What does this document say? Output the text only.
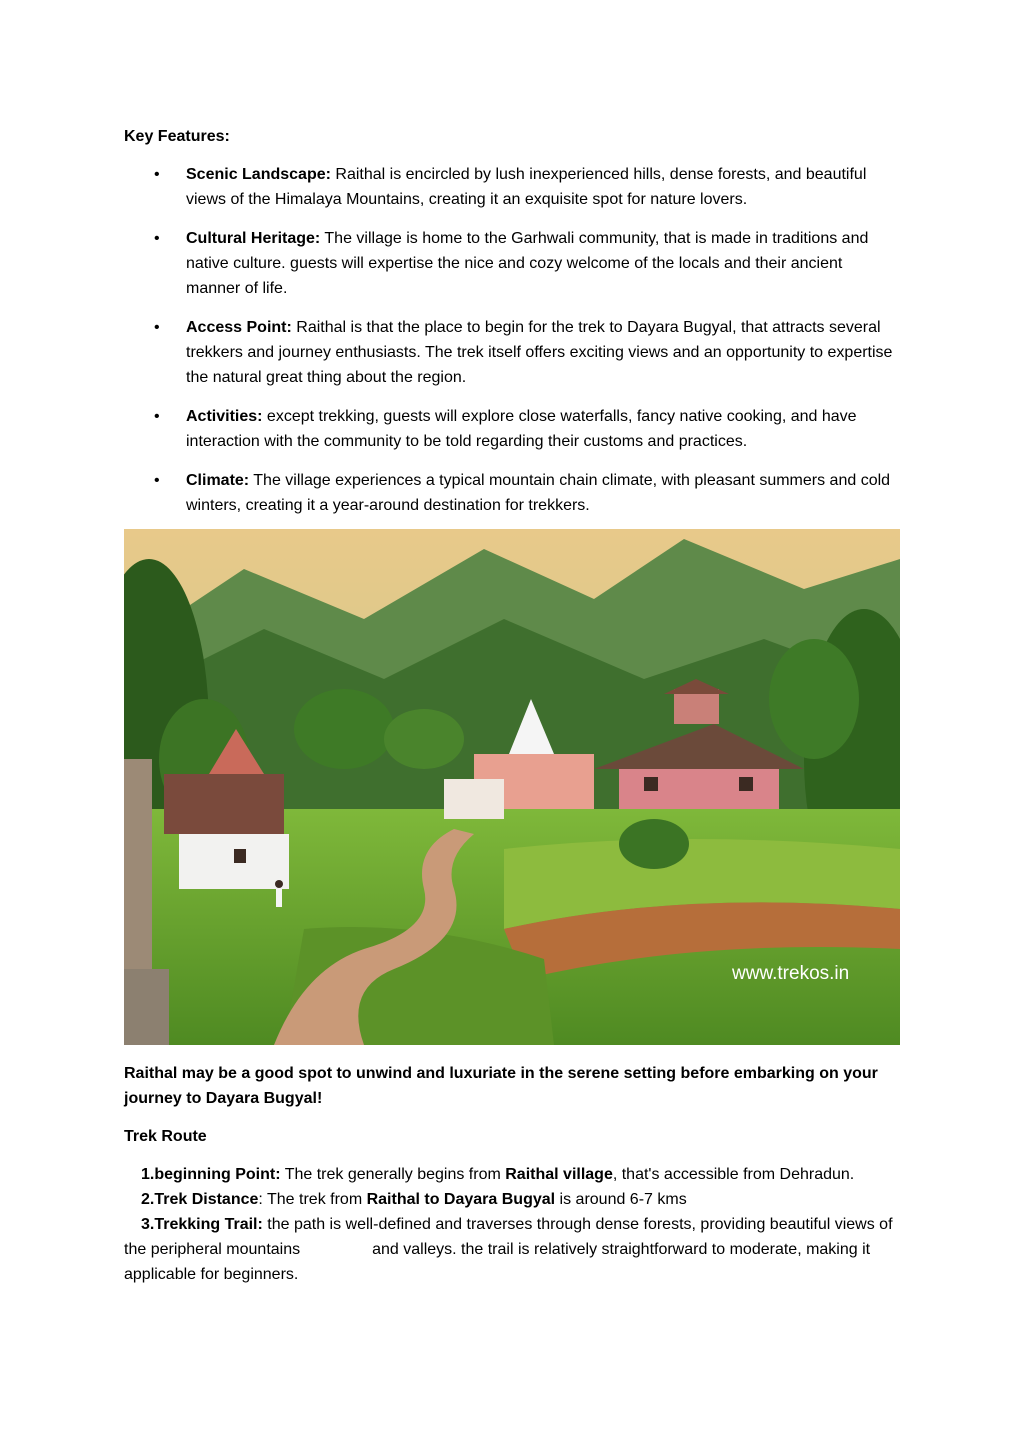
Key Features:
• Scenic Landscape: Raithal is encircled by lush inexperienced hills, dense forests, and beautiful views of the Himalaya Mountains, creating it an exquisite spot for nature lovers.
• Cultural Heritage: The village is home to the Garhwali community, that is made in traditions and native culture. guests will expertise the nice and cozy welcome of the locals and their ancient manner of life.
• Access Point: Raithal is that the place to begin for the trek to Dayara Bugyal, that attracts several trekkers and journey enthusiasts. The trek itself offers exciting views and an opportunity to expertise the natural great thing about the region.
• Activities: except trekking, guests will explore close waterfalls, fancy native cooking, and have interaction with the community to be told regarding their customs and practices.
• Climate: The village experiences a typical mountain chain climate, with pleasant summers and cold winters, creating it a year-around destination for trekkers.
www.trekos.in
Raithal may be a good spot to unwind and luxuriate in the serene setting before embarking on your journey to Dayara Bugyal!
Trek Route

1.beginning Point: The trek generally begins from Raithal village, that's accessible from Dehradun.

2.Trek Distance: The trek from Raithal to Dayara Bugyal is around 6-7 kms

3.Trekking Trail: the path is well-defined and traverses through dense forests, providing beautiful views of the peripheral mountains	and valleys. the trail is relatively straightforward to moderate, making it applicable for beginners.
